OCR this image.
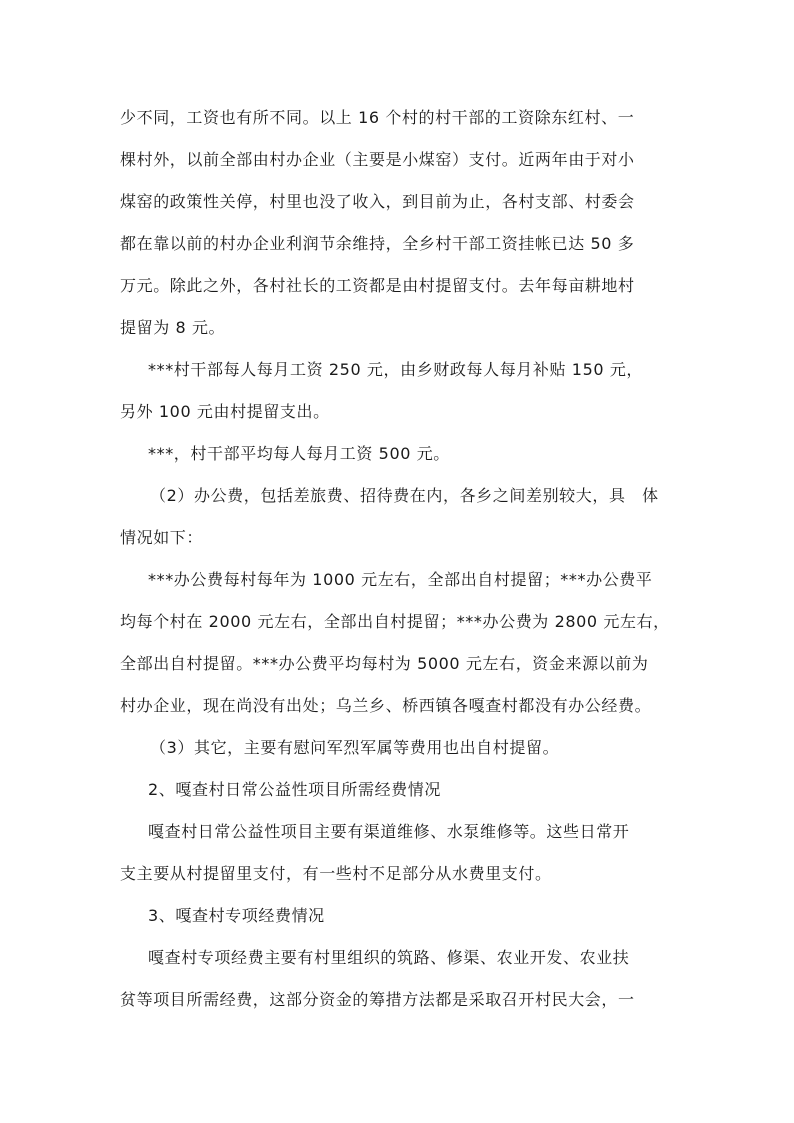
少不同，工资也有所不同。以上 16 个村的村干部的工资除东红村、一
棵村外，以前全部由村办企业（主要是小煤窑）支付。近两年由于对小
煤窑的政策性关停，村里也没了收入，到目前为止，各村支部、村委会
都在靠以前的村办企业利润节余维持，全乡村干部工资挂帐已达 50 多
万元。除此之外，各村社长的工资都是由村提留支付。去年每亩耕地村
提留为 8 元。
***村干部每人每月工资 250 元，由乡财政每人每月补贴 150 元，
另外 100 元由村提留支出。
***，村干部平均每人每月工资 500 元。
（2）办公费，包括差旅费、招待费在内，各乡之间差别较大，具　体
情况如下：
***办公费每村每年为 1000 元左右，全部出自村提留；***办公费平
均每个村在 2000 元左右，全部出自村提留；***办公费为 2800 元左右，
全部出自村提留。***办公费平均每村为 5000 元左右，资金来源以前为
村办企业，现在尚没有出处；乌兰乡、桥西镇各嘎查村都没有办公经费。
（3）其它，主要有慰问军烈军属等费用也出自村提留。
2、嘎查村日常公益性项目所需经费情况
嘎查村日常公益性项目主要有渠道维修、水泵维修等。这些日常开
支主要从村提留里支付，有一些村不足部分从水费里支付。
3、嘎查村专项经费情况
嘎查村专项经费主要有村里组织的筑路、修渠、农业开发、农业扶
贫等项目所需经费，这部分资金的筹措方法都是采取召开村民大会，一
